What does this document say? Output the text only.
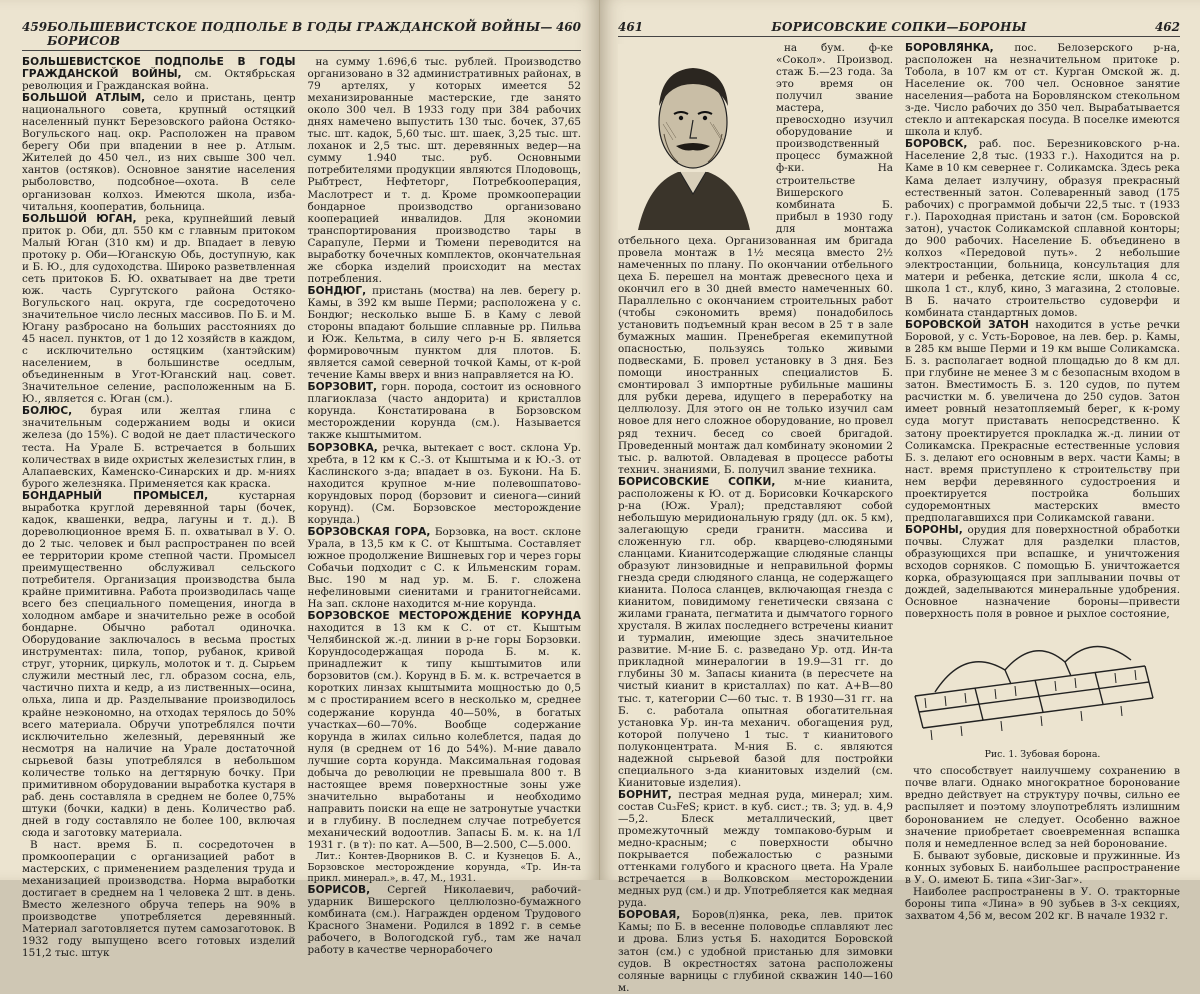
459 БОЛЬШЕВИСТСКОЕ ПОДПОЛЬЕ В ГОДЫ ГРАЖДАНСКОЙ ВОЙНЫ—БОРИСОВ
460

БОЛЬШЕВИСТСКОЕ ПОДПОЛЬЕ В ГОДЫ ГРАЖДАНСКОЙ ВОЙНЫ, см. Октябрьская революция и Гражданская война.

БОЛЬШОЙ АТЛЫМ, село и пристань, центр национального совета, крупный остяцкий населенный пункт Березовского района Остяко-Вогульского нац. окр. Расположен на правом берегу Оби при впадении в нее р. Атлым. Жителей до 450 чел., из них свыше 300 чел. хантов (остяков). Основное занятие населения рыболовство, подсобное—охота. В селе организован колхоз. Имеются школа, изба-читальня, кооператив, больница.

БОЛЬШОЙ ЮГАН, река, крупнейший левый приток р. Оби, дл. 550 км с главным притоком Малый Юган (310 км) и др. Впадает в левую протоку р. Оби—Юганскую Обь, доступную, как и Б. Ю., для судоходства. Широко разветвленная сеть притоков Б. Ю. охватывает на две трети юж. часть Сургутского района Остяко-Вогульского нац. округа, где сосредоточено значительное число лесных массивов. По Б. и М. Югану разбросано на больших расстояниях до 45 насел. пунктов, от 1 до 12 хозяйств в каждом, с исключительно остяцким (хантэйским) населением, в большинстве оседлым, объединенным в Угот-Юганский нац. совет. Значительное селение, расположенным на Б. Ю., является с. Юган (см.).

БОЛЮС, бурая или желтая глина с значительным содержанием воды и окиси железа (до 15%). С водой не дает пластического теста. На Урале Б. встречается в больших количествах в виде охристых железистых глин, в Алапаевских, Каменско-Синарских и др. м-ниях бурого железняка. Применяется как краска.

БОНДАРНЫЙ ПРОМЫСЕЛ, кустарная выработка круглой деревянной тары (бочек, кадок, квашенки, ведра, лагуны и т. д.). В дореволюционное время Б. п. охватывал в У. О. до 2 тыс. человек и был распространен по всей ее территории кроме степной части. Промысел преимущественно обслуживал сельского потребителя. Организация производства была крайне примитивна. Работа производилась чаще всего без специального помещения, иногда в холодном амбаре и значительно реже в особой бондарне. Обычно работал одиночка. Оборудование заключалось в весьма простых инструментах: пила, топор, рубанок, кривой струг, уторник, циркуль, молоток и т. д. Сырьем служили местный лес, гл. образом сосна, ель, частично пихта и кедр, а из лиственных—осина, ольха, липа и др. Разделывание производилось крайне неэкономно, на отходах терялось до 50% всего материала. Обручи употреблялся почти исключительно железный, деревянный же несмотря на наличие на Урале достаточной сырьевой базы употреблялся в небольшом количестве только на дегтярную бочку. При примитивном оборудовании выработка кустаря в раб. день составляла в среднем не более 0,75% штуки (бочки, кадки) в день. Количество раб. дней в году составляло не более 100, включая сюда и заготовку материала.

В наст. время Б. п. сосредоточен в промкооперации с организацией работ в мастерских, с применением разделения труда и механизацией производства. Норма выработки достигает в среднем на 1 человека 2 шт. в день. Вместо железного обруча теперь на 90% в производстве употребляется деревянный. Материал заготовляется путем самозаготовок. В 1932 году выпущено всего готовых изделий 151,2 тыс. штук

на сумму 1.696,6 тыс. рублей. Производство организовано в 32 административных районах, в 79 артелях, у которых имеется 52 механизированные мастерские, где занято около 300 чел. В 1933 году при 384 рабочих днях намечено выпустить 130 тыс. бочек, 37,65 тыс. шт. кадок, 5,60 тыс. шт. шаек, 3,25 тыс. шт. лоханок и 2,5 тыс. шт. деревянных ведер—на сумму 1.940 тыс. руб. Основными потребителями продукции являются Плодовощь, Рыбтрест, Нефтеторг, Потребкооперация, Маслотрест и т. д. Кроме промкооперации бондарное производство организовано кооперацией инвалидов. Для экономии транспортирования производство тары в Сарапуле, Перми и Тюмени переводится на выработку бочечных комплектов, окончательная же сборка изделий происходит на местах потребления.

БОНДЮГ, пристань (моства) на лев. берегу р. Камы, в 392 км выше Перми; расположена у с. Бондюг; несколько выше Б. в Каму с левой стороны впадают большие сплавные рр. Пильва и Юж. Кельтма, в силу чего р-н Б. является формировочным пунктом для плотов. Б. является самой северной точкой Камы, от к-рой течение Камы вверх и вниз направляется на Ю.

БОРЗОВИТ, горн. порода, состоит из основного плагиоклаза (часто андорита) и кристаллов корунда. Констатирована в Борзовском месторождении корунда (см.). Называется также кыштымитом.

БОРЗОВКА, речка, вытекает с вост. склона Ур. хребта, в 12 км к С.-З. от Кыштыма и к Ю.-З. от Каслинского з-да; впадает в оз. Букони. На Б. находится крупное м-ние полевошпатово-корундовых пород (борзовит и сиенога—синий корунд). (См. Борзовское месторождение корунда.)

БОРЗОВСКАЯ ГОРА, Борзовка, на вост. склоне Урала, в 13,5 км к С. от Кыштыма. Составляет южное продолжение Вишневых гор и через горы Собачьи подходит с С. к Ильменским горам. Выс. 190 м над ур. м. Б. г. сложена нефелиновыми сиенитами и гранитогнейсами. На зап. склоне находится м-ние корунда.

БОРЗОВСКОЕ МЕСТОРОЖДЕНИЕ КОРУНДА находится в 13 км к С. от ст. Кыштым Челябинской ж.-д. линии в р-не горы Борзовки. Корундосодержащая порода Б. м. к. принадлежит к типу кыштымитов или борзовитов (см.). Корунд в Б. м. к. встречается в коротких линзах кыштымита мощностью до 0,5 м с простиранием всего в несколько м, среднее содержание корунда 40—50%, в богатых участках—60—70%. Вообще содержание корунда в жилах сильно колеблется, падая до нуля (в среднем от 16 до 54%). М-ние давало лучшие сорта корунда. Максимальная годовая добыча до революции не превышала 800 т. В настоящее время поверхностные зоны уже значительно выработаны и необходимо направить поиски на еще не затронутые участки и в глубину. В последнем случае потребуется механический водоотлив. Запасы Б. м. к. на 1/I 1931 г. (в т): по кат. А—500, В—2.500, С—5.000.

Лит.: Контев-Дворников В. С. и Кузнецов Б. А., Борзовское месторождение корунда, «Тр. Ин-та прикл. минерал.», в. 47, М., 1931.

БОРИСОВ, Сергей Николаевич, рабочий-ударник Вишерского целлюлозно-бумажного комбината (см.). Награжден орденом Трудового Красного Знамени. Родился в 1892 г. в семье рабочего, в Вологодской губ., там же начал работу в качестве чернорабочего

461	БОРИСОВСКИЕ СОПКИ—БОРОНЫ	462

на бум. ф-ке «Сокол». Производ. стаж Б.—23 года. За это время он получил звание мастера, превосходно изучил оборудование и производственный процесс бумажной ф-ки. На строительстве Вишерского комбината Б. прибыл в 1930 году для монтажа отбельного цеха. Организованная им бригада провела монтаж в 1½ месяца вместо 2½ намеченных по плану. По окончании отбельного цеха Б. перешел на монтаж древесного цеха и окончил его в 30 дней вместо намеченных 60. Параллельно с окончанием строительных работ (чтобы сэкономить время) понадобилось установить подъемный кран весом в 25 т в зале бумажных машин. Пренебрегая екемипутной опасностью, пользуясь только живыми подвесками, Б. провел установку в 3 дня. Без помощи иностранных специалистов Б. смонтировал 3 импортные рубильные машины для рубки дерева, идущего в переработку на целлюлозу. Для этого он не только изучил сам новое для него сложное оборудование, но провел ряд технич. бесед со своей бригадой. Проведенный монтаж дал комбинату экономии 2 тыс. р. валютой. Овладевая в процессе работы технич. знаниями, Б. получил звание техника.

БОРИСОВСКИЕ СОПКИ, м-ние кианита, расположены к Ю. от д. Борисовки Кочкарского р-на (Юж. Урал); представляют собой небольшую меридиональную гряду (дл. ок. 5 км), залегающую среди гранитн. массива и сложенную гл. обр. кварцево-слюдяными сланцами. Кианитсодержащие слюдяные сланцы образуют линзовидные и неправильной формы гнезда среди слюдяного сланца, не содержащего кианита. Полоса сланцев, включающая гнезда с кианитом, повидимому генетически связана с жилами граната, пегматита и дымчатого горного хрусталя. В жилах последнего встречены кианит и турмалин, имеющие здесь значительное развитие. М-ние Б. с. разведано Ур. отд. Ин-та прикладной минералогии в 19.9—31 гг. до глубины 30 м. Запасы кианита (в пересчете на чистый кианит в кристаллах) по кат. А+В—80 тыс. т, категории С—60 тыс. т. В 1930—31 гг. на Б. с. работала опытная обогатительная установка Ур. ин-та механич. обогащения руд, которой получено 1 тыс. т кианитового полуконцентрата. М-ния Б. с. являются надежной сырьевой базой для постройки специального з-да кианитовых изделий (см. Кианитовые изделия).

БОРНИТ, пестрая медная руда, минерал; хим. состав Cu₃FeS; крист. в куб. сист.; тв. 3; уд. в. 4,9—5,2. Блеск металлический, цвет промежуточный между томпаково-бурым и медно-красным; с поверхности обычно покрывается побежалостью с разными оттенками голубого и красного цвета. На Урале встречается в Волковском месторождении медных руд (см.) и др. Употребляется как медная руда.

БОРОВАЯ, Боров(л)янка, река, лев. приток Камы; по Б. в весенне половодье сплавляют лес и дрова. Близ устья Б. находится Боровской затон (см.) с удобной пристанью для зимовки судов. В окрестностях затона расположены соляные варницы с глубиной скважин 140—160 м.

БОРОВЛЯНКА, пос. Белозерского р-на, расположен на незначительном притоке р. Тобола, в 107 км от ст. Курган Омской ж. д. Население ок. 700 чел. Основное занятие населения—работа на Боровлянском стекольном з-де. Число рабочих до 350 чел. Вырабатывается стекло и аптекарская посуда. В поселке имеются школа и клуб.

БОРОВСК, раб. пос. Березниковского р-на. Население 2,8 тыс. (1933 г.). Находится на р. Каме в 10 км севернее г. Соликамска. Здесь река Кама делает излучину, образуя прекрасный естественный затон. Солеваренный завод (175 рабочих) с программой добычи 22,5 тыс. т (1933 г.). Пароходная пристань и затон (см. Боровской затон), участок Соликамской сплавной конторы; до 900 рабочих. Население Б. объединено в колхоз «Передовой путь». 2 небольшие электростанции, больница, консультация для матери и ребенка, детские ясли, школа 4 сс, школа 1 ст., клуб, кино, 3 магазина, 2 столовые. В Б. начато строительство судоверфи и комбината стандартных домов.

БОРОВСКОЙ ЗАТОН находится в устье речки Боровой, у с. Усть-Боровое, на лев. бер. р. Камы, в 285 км выше Перми и 19 км выше Соликамска. Б. з. располагает водной площадью до 8 км дл. при глубине не менее 3 м с безопасным входом в затон. Вместимость Б. з. 120 судов, по путем расчистки м. б. увеличена до 250 судов. Затон имеет ровный незатопляемый берег, к к-рому суда могут приставать непосредственно. К затону проектируется прокладка ж.-д. линии от Соликамска. Прекрасные естественные условия Б. з. делают его основным в верх. части Камы; в наст. время приступлено к строительству при нем верфи деревянного судостроения и проектируется постройка больших судоремонтных мастерских вместо предполагавшихся при Соликамской гавани.

БОРОНЫ, орудия для поверхностной обработки почвы. Служат для разделки пластов, образующихся при вспашке, и уничтожения всходов сорняков. С помощью Б. уничтожается корка, образующаяся при заплывании почвы от дождей, заделываются минеральные удобрения. Основное назначение бороны—привести поверхность поля в ровное и рыхлое состояние,

Рис. 1. Зубовая борона.

что способствует наилучшему сохранению в почве влаги. Однако многократное боронование вредно действует на структуру почвы, сильно ее распыляет и поэтому злоупотреблять излишним боронованием не следует. Особенно важное значение приобретает своевременная вспашка поля и немедленное вслед за ней боронование.

Б. бывают зубовые, дисковые и пружинные. Из конных зубовых Б. наибольшее распространение в У. О. имеют Б. типа «Зиг-Заг».

Наиболее распространены в У. О. тракторные бороны типа «Лина» в 90 зубьев в 3-х секциях, захватом 4,56 м, весом 202 кг. В начале 1932 г.
